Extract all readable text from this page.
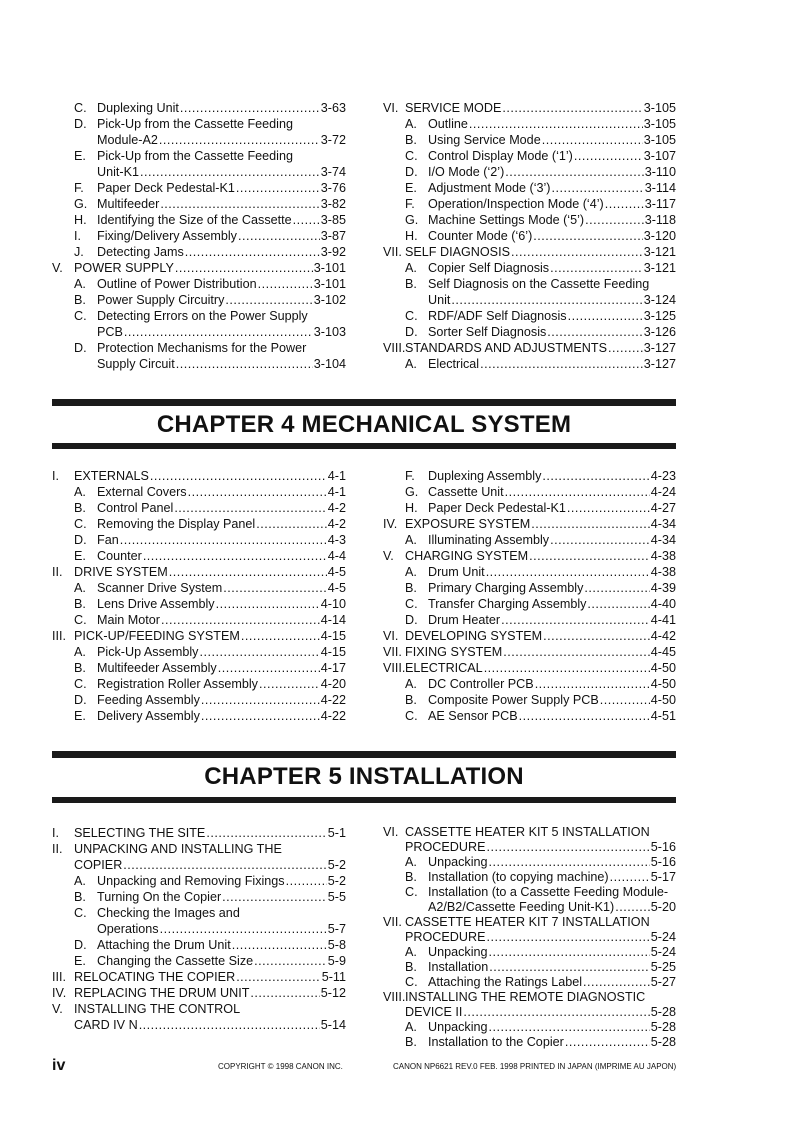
C. Duplexing Unit .....	3-63
D. Pick-Up from the Cassette Feeding
Module-A2 .....	3-72
E. Pick-Up from the Cassette Feeding
Unit-K1 .....	3-74
F. Paper Deck Pedestal-K1 .....	3-76
G. Multifeeder .....	3-82
H. Identifying the Size of the Cassette ..... 3-85
I. Fixing/Delivery Assembly .....	3-87
J. Detecting Jams .....	3-92
V. POWER SUPPLY .....	3-101
A. Outline of Power Distribution .....	3-101
B. Power Supply Circuitry .....	3-102
C. Detecting Errors on the Power Supply
PCB .....	3-103
D. Protection Mechanisms for the Power
Supply Circuit .....	3-104
VI. SERVICE MODE .....	3-105
A. Outline .....	3-105
B. Using Service Mode .....	3-105
C. Control Display Mode (‘1’) .....	3-107
D. I/O Mode (‘2’) .....	3-110
E. Adjustment Mode (‘3’) .....	3-114
F. Operation/Inspection Mode (‘4’) .....	3-117
G. Machine Settings Mode (‘5’) .....	3-118
H. Counter Mode (‘6’) .....	3-120
VII. SELF DIAGNOSIS .....	3-121
A. Copier Self Diagnosis .....	3-121
B. Self Diagnosis on the Cassette Feeding
Unit .....	3-124
C. RDF/ADF Self Diagnosis .....	3-125
D. Sorter Self Diagnosis .....	3-126
VIII. STANDARDS AND ADJUSTMENTS .....	3-127
A. Electrical .....	3-127
CHAPTER 4 MECHANICAL SYSTEM
I. EXTERNALS .....	4-1
A. External Covers .....	4-1
B. Control Panel .....	4-2
C. Removing the Display Panel .....	4-2
D. Fan .....	4-3
E. Counter .....	4-4
II. DRIVE SYSTEM .....	4-5
A. Scanner Drive System .....	4-5
B. Lens Drive Assembly .....	4-10
C. Main Motor .....	4-14
III. PICK-UP/FEEDING SYSTEM .....	4-15
A. Pick-Up Assembly .....	4-15
B. Multifeeder Assembly .....	4-17
C. Registration Roller Assembly .....	4-20
D. Feeding Assembly .....	4-22
E. Delivery Assembly .....	4-22
F. Duplexing Assembly .....	4-23
G. Cassette Unit .....	4-24
H. Paper Deck Pedestal-K1 .....	4-27
IV. EXPOSURE SYSTEM .....	4-34
A. Illuminating Assembly .....	4-34
V. CHARGING SYSTEM .....	4-38
A. Drum Unit .....	4-38
B. Primary Charging Assembly .....	4-39
C. Transfer Charging Assembly .....	4-40
D. Drum Heater .....	4-41
VI. DEVELOPING SYSTEM .....	4-42
VII. FIXING SYSTEM .....	4-45
VIII. ELECTRICAL .....	4-50
A. DC Controller PCB .....	4-50
B. Composite Power Supply PCB .....	4-50
C. AE Sensor PCB .....	4-51
CHAPTER 5 INSTALLATION
I. SELECTING THE SITE .....	5-1
II. UNPACKING AND INSTALLING THE
COPIER .....	5-2
A. Unpacking and Removing Fixings .....	5-2
B. Turning On the Copier .....	5-5
C. Checking the Images and
Operations .....	5-7
D. Attaching the Drum Unit .....	5-8
E. Changing the Cassette Size .....	5-9
III. RELOCATING THE COPIER .....	5-11
IV. REPLACING THE DRUM UNIT .....	5-12
V. INSTALLING THE CONTROL
CARD IV N .....	5-14
VI. CASSETTE HEATER KIT 5 INSTALLATION
PROCEDURE .....	5-16
A. Unpacking .....	5-16
B. Installation (to copying machine) .....	5-17
C. Installation (to a Cassette Feeding Module-
A2/B2/Cassette Feeding Unit-K1) .....	5-20
VII. CASSETTE HEATER KIT 7 INSTALLATION
PROCEDURE .....	5-24
A. Unpacking .....	5-24
B. Installation .....	5-25
C. Attaching the Ratings Label .....	5-27
VIII. INSTALLING THE REMOTE DIAGNOSTIC
DEVICE II .....	5-28
A. Unpacking .....	5-28
B. Installation to the Copier .....	5-28
iv	COPYRIGHT © 1998 CANON INC.	CANON NP6621 REV.0 FEB. 1998 PRINTED IN JAPAN (IMPRIME AU JAPON)
